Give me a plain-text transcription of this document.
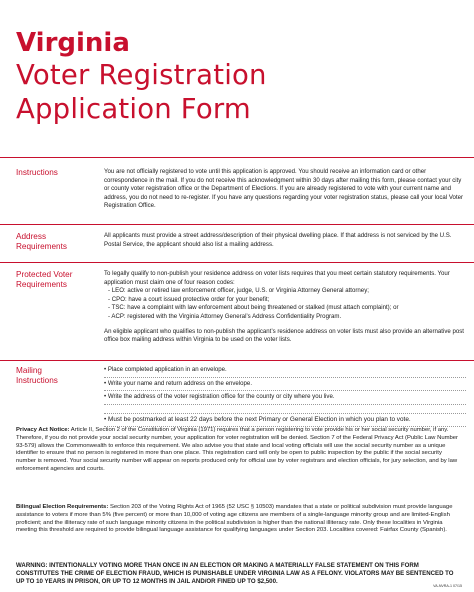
Virginia
Voter Registration
Application Form
Instructions	You are not officially registered to vote until this application is approved. You should receive an information card or other correspondence in the mail. If you do not receive this acknowledgment within 30 days after mailing this form, please contact your city or county voter registration office or the Department of Elections. If you are already registered to vote with your current name and address, you do not need to re-register. If you have any questions regarding your voter registration status, please call your local Voter Registration Office.

Address
Requirements

All applicants must provide a street address/description of their physical dwelling place. If that address is not serviced by the U.S. Postal Service, the applicant should also list a mailing address.

Protected Voter
Requirements

To legally qualify to non-publish your residence address on voter lists requires that you meet certain statutory requirements. Your application must claim one of four reason codes:

- LEO: active or retired law enforcement officer, judge, U.S. or Virginia Attorney General attorney;
- CPO: have a court issued protective order for your benefit;
- TSC: have a complaint with law enforcement about being threatened or stalked (must attach complaint); or
- ACP: registered with the Virginia Attorney General’s Address Confidentiality Program.

An eligible applicant who qualifies to non-publish the applicant’s residence address on voter lists must also provide an alternative post office box mailing address within Virginia to be used on the voter lists.

Mailing
Instructions
• Place completed application in an envelope.
• Write your name and return address on the envelope.
• Write the address of the voter registration office for the county or city where you live.
• Must be postmarked at least 22 days before the next Primary or General Election in which you plan to vote.
Privacy Act Notice: Article II, Section 2 of the Constitution of Virginia (1971) requires that a person registering to vote provide his or her social security number, if any. Therefore, if you do not provide your social security number, your application for voter registration will be denied. Section 7 of the Federal Privacy Act (Public Law Number 93-579) allows the Commonwealth to enforce this requirement. We also advise you that state and local voting officials will use the social security number as a unique identifier to ensure that no person is registered in more than one place. This registration card will only be open to public inspection by the public if the social security number is removed. Your social security number will appear on reports produced only for official use by voter registrars and election officials, for jury selection, and by law enforcement agencies and courts.
Bilingual Election Requirements: Section 203 of the Voting Rights Act of 1965 (52 USC § 10503) mandates that a state or political subdivision must provide language assistance to voters if more than 5% (five percent) or more than 10,000 of voting age citizens are members of a single-language minority group and are limited-English proficient; and the illiteracy rate of such language minority citizens in the political subdivision is higher than the national illiteracy rate. Only these localities in Virginia meeting this threshold are required to provide bilingual language assistance for qualifying languages under Section 203. Localities covered: Fairfax County (Spanish).
WARNING: INTENTIONALLY VOTING MORE THAN ONCE IN AN ELECTION OR MAKING A MATERIALLY FALSE STATEMENT ON THIS FORM CONSTITUTES THE CRIME OF ELECTION FRAUD, WHICH IS PUNISHABLE UNDER VIRGINIA LAW AS A FELONY. VIOLATORS MAY BE SENTENCED TO UP TO 10 YEARS IN PRISON, OR UP TO 12 MONTHS IN JAIL AND/OR FINED UP TO $2,500.
VA-NVRA-1 07/15
